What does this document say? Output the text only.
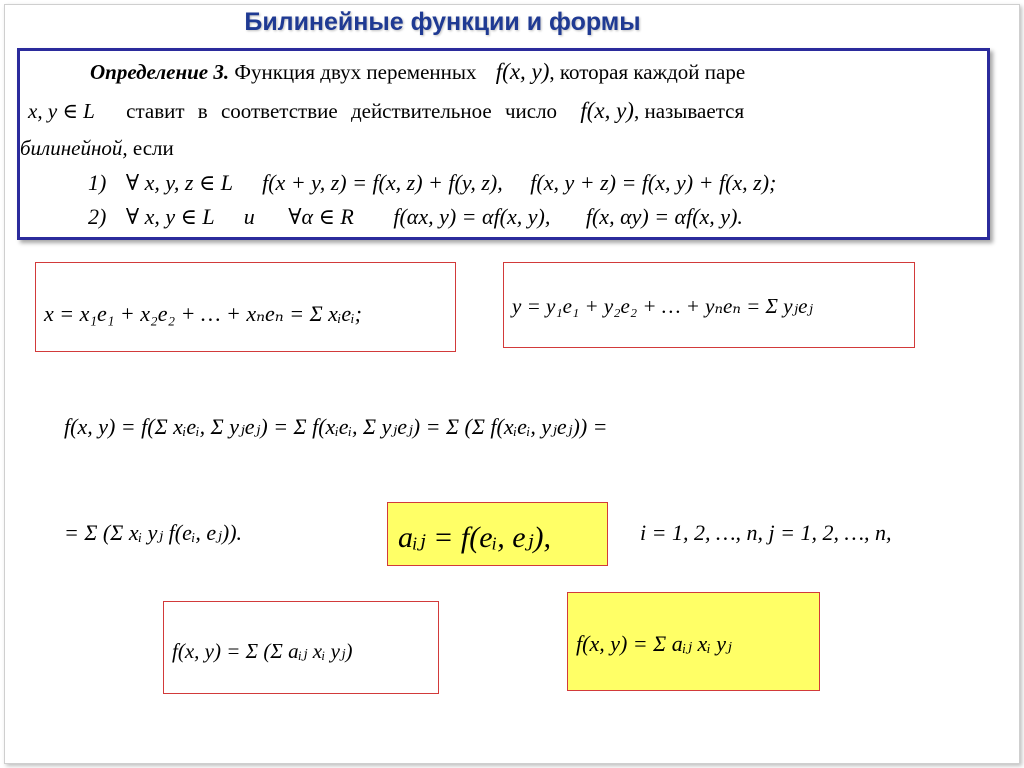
Билинейные функции и формы
Определение 3. Функция двух переменных f(x, y), которая каждой паре
x, y ∈ L ставит в соответствие действительное число f(x, y), называется
билинейной, если
1) ∀ x, y, z ∈ L f(x + y, z) = f(x, z) + f(y, z), f(x, y + z) = f(x, y) + f(x, z);
2) ∀ x, y ∈ L и ∀α ∈ R f(αx, y) = αf(x, y), f(x, αy) = αf(x, y).
x = x₁e₁ + x₂e₂ + … + xₙeₙ = Σ xᵢeᵢ;	y = y₁e₁ + y₂e₂ + … + yₙeₙ = Σ yⱼeⱼ
f(x, y) = f(Σ xᵢeᵢ, Σ yⱼeⱼ) = Σ f(xᵢeᵢ, Σ yⱼeⱼ) = Σ (Σ f(xᵢeᵢ, yⱼeⱼ)) =
= Σ (Σ xᵢ yⱼ f(eᵢ, eⱼ)).	aᵢⱼ = f(eᵢ, eⱼ),	i = 1, 2, …, n, j = 1, 2, …, n,
f(x, y) = Σ (Σ aᵢⱼ xᵢ yⱼ)	f(x, y) = Σ aᵢⱼ xᵢ yⱼ
